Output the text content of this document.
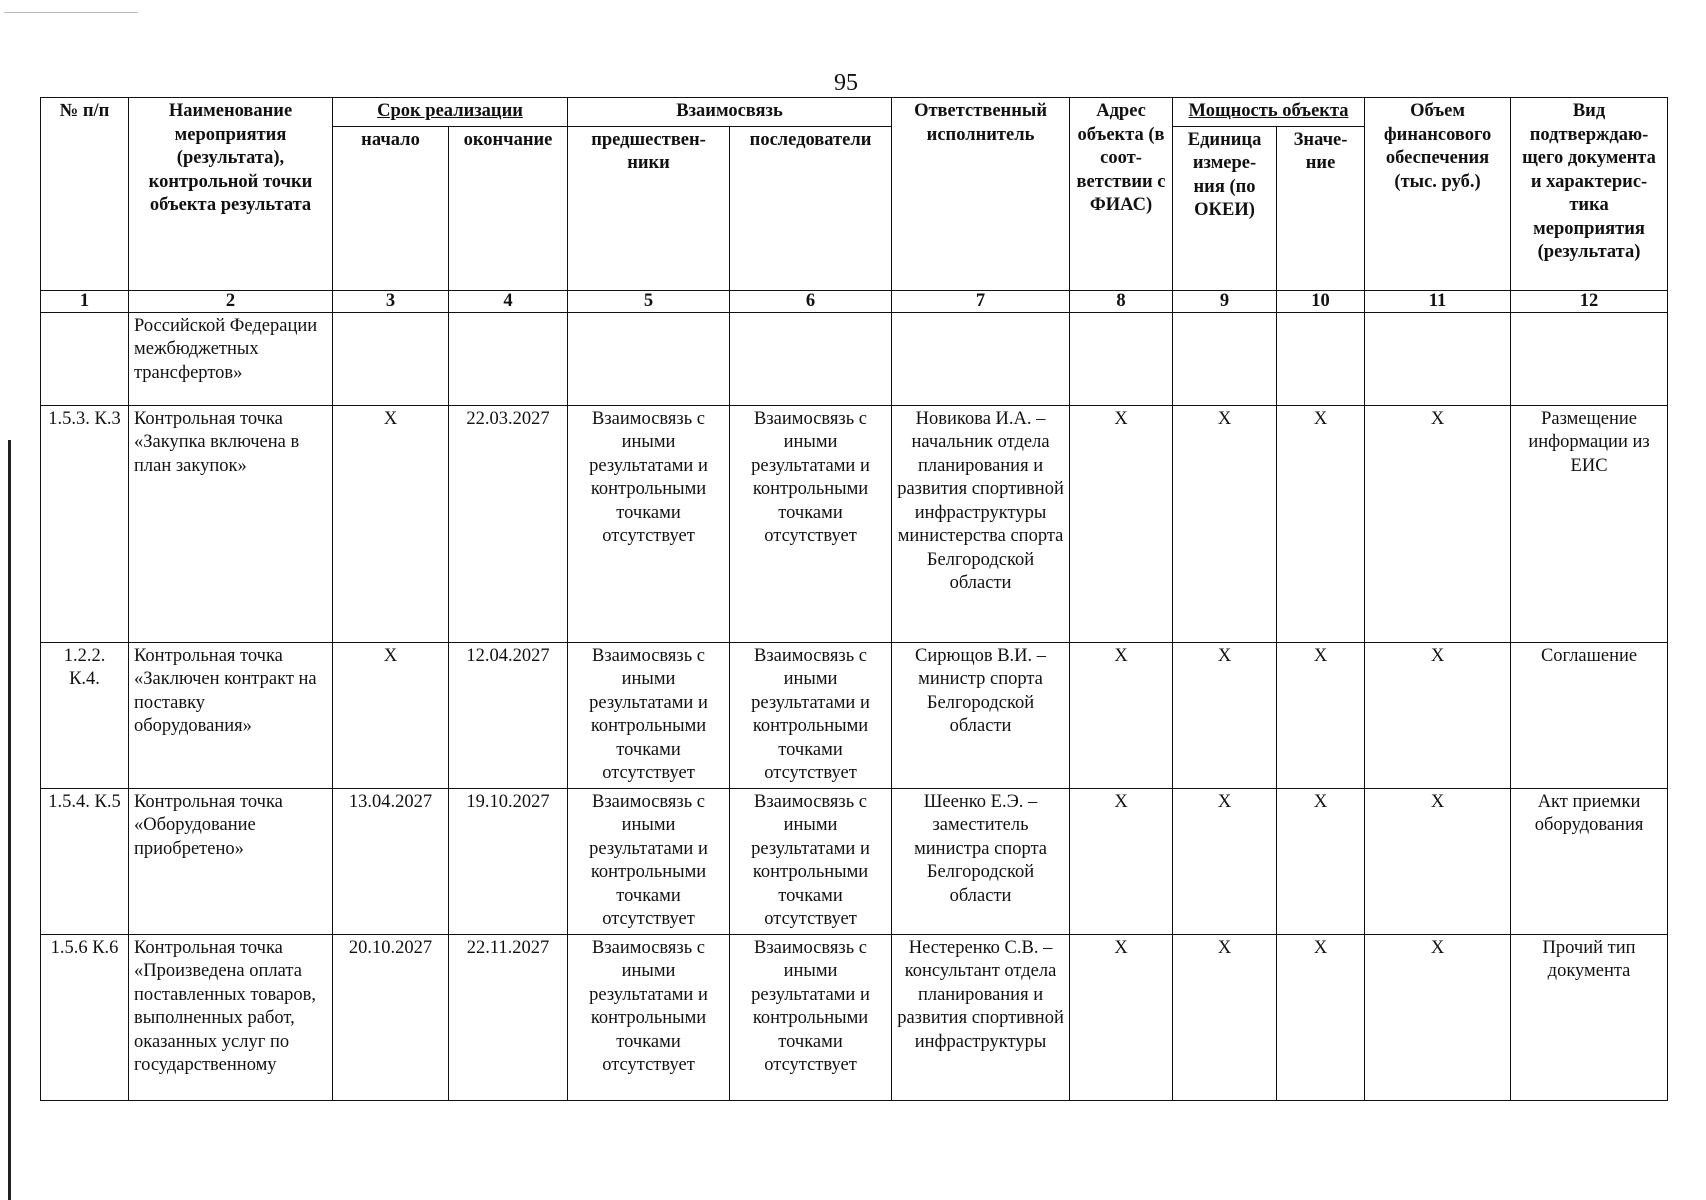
95
№ п/п	Наименование мероприятия (результата), контрольной точки объекта результата	Срок реализации		Взаимосвязь		Ответственный исполнитель	Адрес объекта (в соот-ветствии с ФИАС)	Мощность объекта		Объем финансового обеспечения (тыс. руб.)	Вид подтверждаю-щего документа и характерис-тика мероприятия (результата)
		начало	окончание	предшествен-ники	последователи			Единица измере-ния (по ОКЕИ)	Значе-ние		
1	2	3	4	5	6	7	8	9	10	11	12
	Российской Федерации межбюджетных трансфертов»										
1.5.3. К.3	Контрольная точка «Закупка включена в план закупок»	X	22.03.2027	Взаимосвязь с иными результатами и контрольными точками отсутствует	Взаимосвязь с иными результатами и контрольными точками отсутствует	Новикова И.А. – начальник отдела планирования и развития спортивной инфраструктуры министерства спорта Белгородской области	X	X	X	X	Размещение информации из ЕИС
1.2.2. К.4.	Контрольная точка «Заключен контракт на поставку оборудования»	X	12.04.2027	Взаимосвязь с иными результатами и контрольными точками отсутствует	Взаимосвязь с иными результатами и контрольными точками отсутствует	Сирющов В.И. – министр спорта Белгородской области	X	X	X	X	Соглашение
1.5.4. К.5	Контрольная точка «Оборудование приобретено»	13.04.2027	19.10.2027	Взаимосвязь с иными результатами и контрольными точками отсутствует	Взаимосвязь с иными результатами и контрольными точками отсутствует	Шеенко Е.Э. – заместитель министра спорта Белгородской области	X	X	X	X	Акт приемки оборудования
1.5.6 К.6	Контрольная точка «Произведена оплата поставленных товаров, выполненных работ, оказанных услуг по государственному	20.10.2027	22.11.2027	Взаимосвязь с иными результатами и контрольными точками отсутствует	Взаимосвязь с иными результатами и контрольными точками отсутствует	Нестеренко С.В. – консультант отдела планирования и развития спортивной инфраструктуры	X	X	X	X	Прочий тип документа
